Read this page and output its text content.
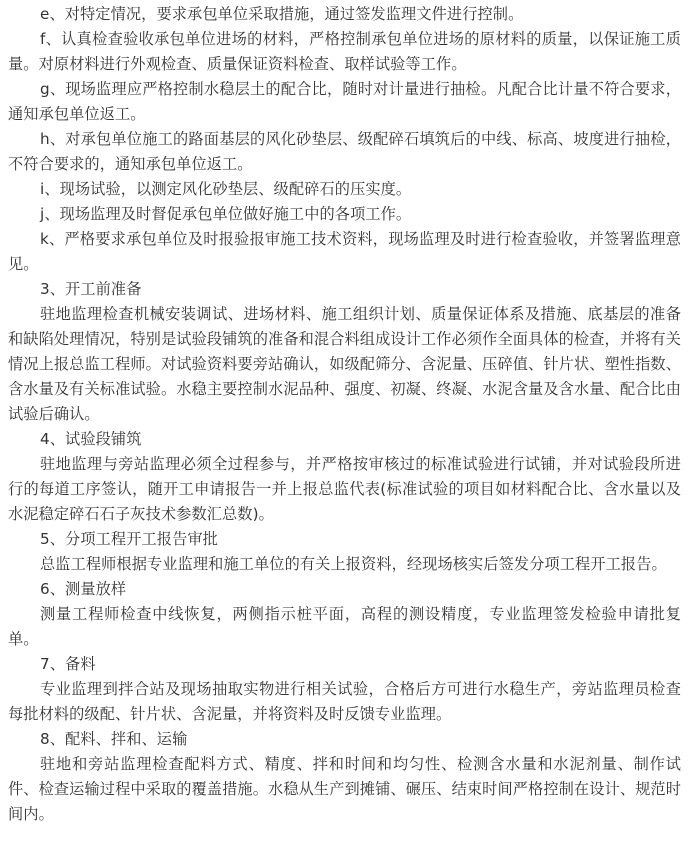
e、对特定情况，要求承包单位采取措施，通过签发监理文件进行控制。

f、认真检查验收承包单位进场的材料，严格控制承包单位进场的原材料的质量，以保证施工质量。对原材料进行外观检查、质量保证资料检查、取样试验等工作。

g、现场监理应严格控制水稳层土的配合比，随时对计量进行抽检。凡配合比计量不符合要求，通知承包单位返工。

h、对承包单位施工的路面基层的风化砂垫层、级配碎石填筑后的中线、标高、坡度进行抽检，不符合要求的，通知承包单位返工。

i、现场试验，以测定风化砂垫层、级配碎石的压实度。

j、现场监理及时督促承包单位做好施工中的各项工作。

k、严格要求承包单位及时报验报审施工技术资料，现场监理及时进行检查验收，并签署监理意见。

3、开工前准备

驻地监理检查机械安装调试、进场材料、施工组织计划、质量保证体系及措施、底基层的准备和缺陷处理情况，特别是试验段铺筑的准备和混合料组成设计工作必须作全面具体的检查，并将有关情况上报总监工程师。对试验资料要旁站确认，如级配筛分、含泥量、压碎值、针片状、塑性指数、含水量及有关标准试验。水稳主要控制水泥品种、强度、初凝、终凝、水泥含量及含水量、配合比由试验后确认。

4、试验段铺筑

驻地监理与旁站监理必须全过程参与，并严格按审核过的标准试验进行试铺，并对试验段所进行的每道工序签认，随开工申请报告一并上报总监代表(标准试验的项目如材料配合比、含水量以及水泥稳定碎石石子灰技术参数汇总数)。

5、分项工程开工报告审批

总监工程师根据专业监理和施工单位的有关上报资料，经现场核实后签发分项工程开工报告。

6、测量放样

测量工程师检查中线恢复，两侧指示桩平面，高程的测设精度，专业监理签发检验申请批复单。

7、备料

专业监理到拌合站及现场抽取实物进行相关试验，合格后方可进行水稳生产，旁站监理员检查每批材料的级配、针片状、含泥量，并将资料及时反馈专业监理。

8、配料、拌和、运输

驻地和旁站监理检查配料方式、精度、拌和时间和均匀性、检测含水量和水泥剂量、制作试件、检查运输过程中采取的覆盖措施。水稳从生产到摊铺、碾压、结束时间严格控制在设计、规范时间内。
